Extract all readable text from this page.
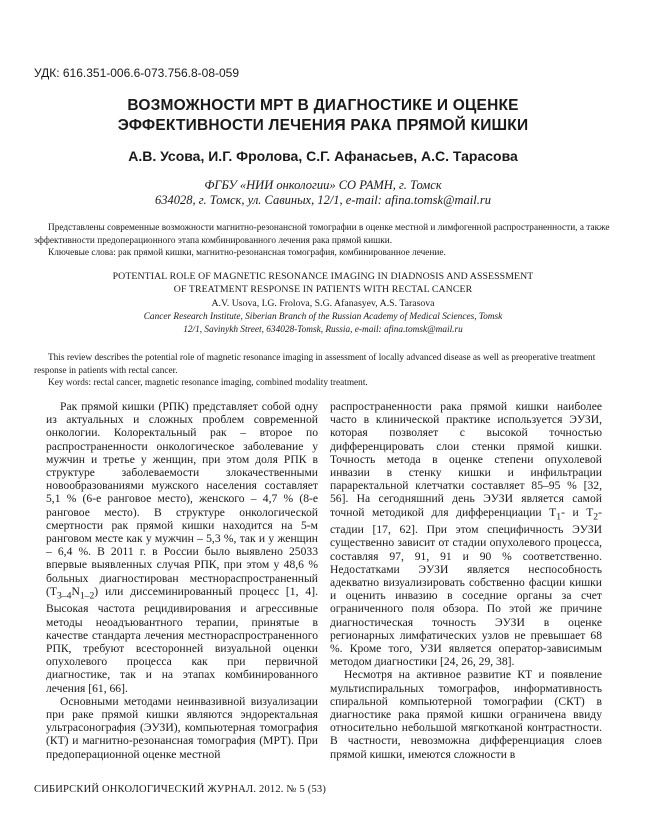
УДК: 616.351-006.6-073.756.8-08-059
ВОЗМОЖНОСТИ МРТ В ДИАГНОСТИКЕ И ОЦЕНКЕ
ЭФФЕКТИВНОСТИ ЛЕЧЕНИЯ РАКА ПРЯМОЙ КИШКИ
А.В. Усова, И.Г. Фролова, С.Г. Афанасьев, А.С. Тарасова
ФГБУ «НИИ онкологии» СО РАМН, г. Томск
634028, г. Томск, ул. Савиных, 12/1, e-mail: afina.tomsk@mail.ru

Представлены современные возможности магнитно-резонансной томографии в оценке местной и лимфогенной распространенности, а также эффективности предоперационного этапа комбинированного лечения рака прямой кишки.

Ключевые слова: рак прямой кишки, магнитно-резонансная томография, комбинированное лечение.

POTENTIAL ROLE OF MAGNETIC RESONANCE IMAGING IN DIADNOSIS AND ASSESSMENT
OF TREATMENT RESPONSE IN PATIENTS WITH RECTAL CANCER
A.V. Usova, I.G. Frolova, S.G. Afanasyev, A.S. Tarasova
Cancer Research Institute, Siberian Branch of the Russian Academy of Medical Sciences, Tomsk
12/1, Savinykh Street, 634028-Tomsk, Russia, e-mail: afina.tomsk@mail.ru

This review describes the potential role of magnetic resonance imaging in assessment of locally advanced disease as well as preoperative treatment response in patients with rectal cancer.

Key words: rectal cancer, magnetic resonance imaging, combined modality treatment.

Рак прямой кишки (РПК) представляет собой одну из актуальных и сложных проблем современной онкологии. Колоректальный рак – второе по распространенности онкологическое заболевание у мужчин и третье у женщин, при этом доля РПК в структуре заболеваемости злокачественными новообразованиями мужского населения составляет 5,1 % (6-е ранговое место), женского – 4,7 % (8-е ранговое место). В структуре онкологической смертности рак прямой кишки находится на 5-м ранговом месте как у мужчин – 5,3 %, так и у женщин – 6,4 %. В 2011 г. в России было выявлено 25033 впервые выявленных случая РПК, при этом у 48,6 % больных диагностирован местнораспространенный $(T_{3-4}N_{1-2})$ или диссеминированный процесс [1, 4]. Высокая частота рецидивирования и агрессивные методы неоадъювантного терапии, принятые в качестве стандарта лечения местнораспространенного РПК, требуют всесторонней визуальной оценки опухолевого процесса как при первичной диагностике, так и на этапах комбинированного лечения [61, 66].

Основными методами неинвазивной визуализации при раке прямой кишки являются эндоректальная ультрасонография (ЭУЗИ), компьютерная томография (КТ) и магнитно-резонансная томография (МРТ). При предоперационной оценке местной

распространенности рака прямой кишки наиболее часто в клинической практике используется ЭУЗИ, которая позволяет с высокой точностью дифференцировать слои стенки прямой кишки. Точность метода в оценке степени опухолевой инвазии в стенку кишки и инфильтрации параректальной клетчатки составляет 85–95 % [32, 56]. На сегодняшний день ЭУЗИ является самой точной методикой для дифференциации $T_1-$ и $T_2-$ стадии [17, 62]. При этом специфичность ЭУЗИ существенно зависит от стадии опухолевого процесса, составляя 97, 91, 91 и 90 % соответственно. Недостатками ЭУЗИ является неспособность адекватно визуализировать собственно фасции кишки и оценить инвазию в соседние органы за счет ограниченного поля обзора. По этой же причине диагностическая точность ЭУЗИ в оценке регионарных лимфатических узлов не превышает 68 %. Кроме того, УЗИ является оператор-зависимым методом диагностики [24, 26, 29, 38].

Несмотря на активное развитие КТ и появление мультиспиральных томографов, информативность спиральной компьютерной томографии (СКТ) в диагностике рака прямой кишки ограничена ввиду относительно небольшой мягкотканой контрастности. В частности, невозможна дифференциация слоев прямой кишки, имеются сложности в

СИБИРСКИЙ ОНКОЛОГИЧЕСКИЙ ЖУРНАЛ. 2012. № 5 (53)
